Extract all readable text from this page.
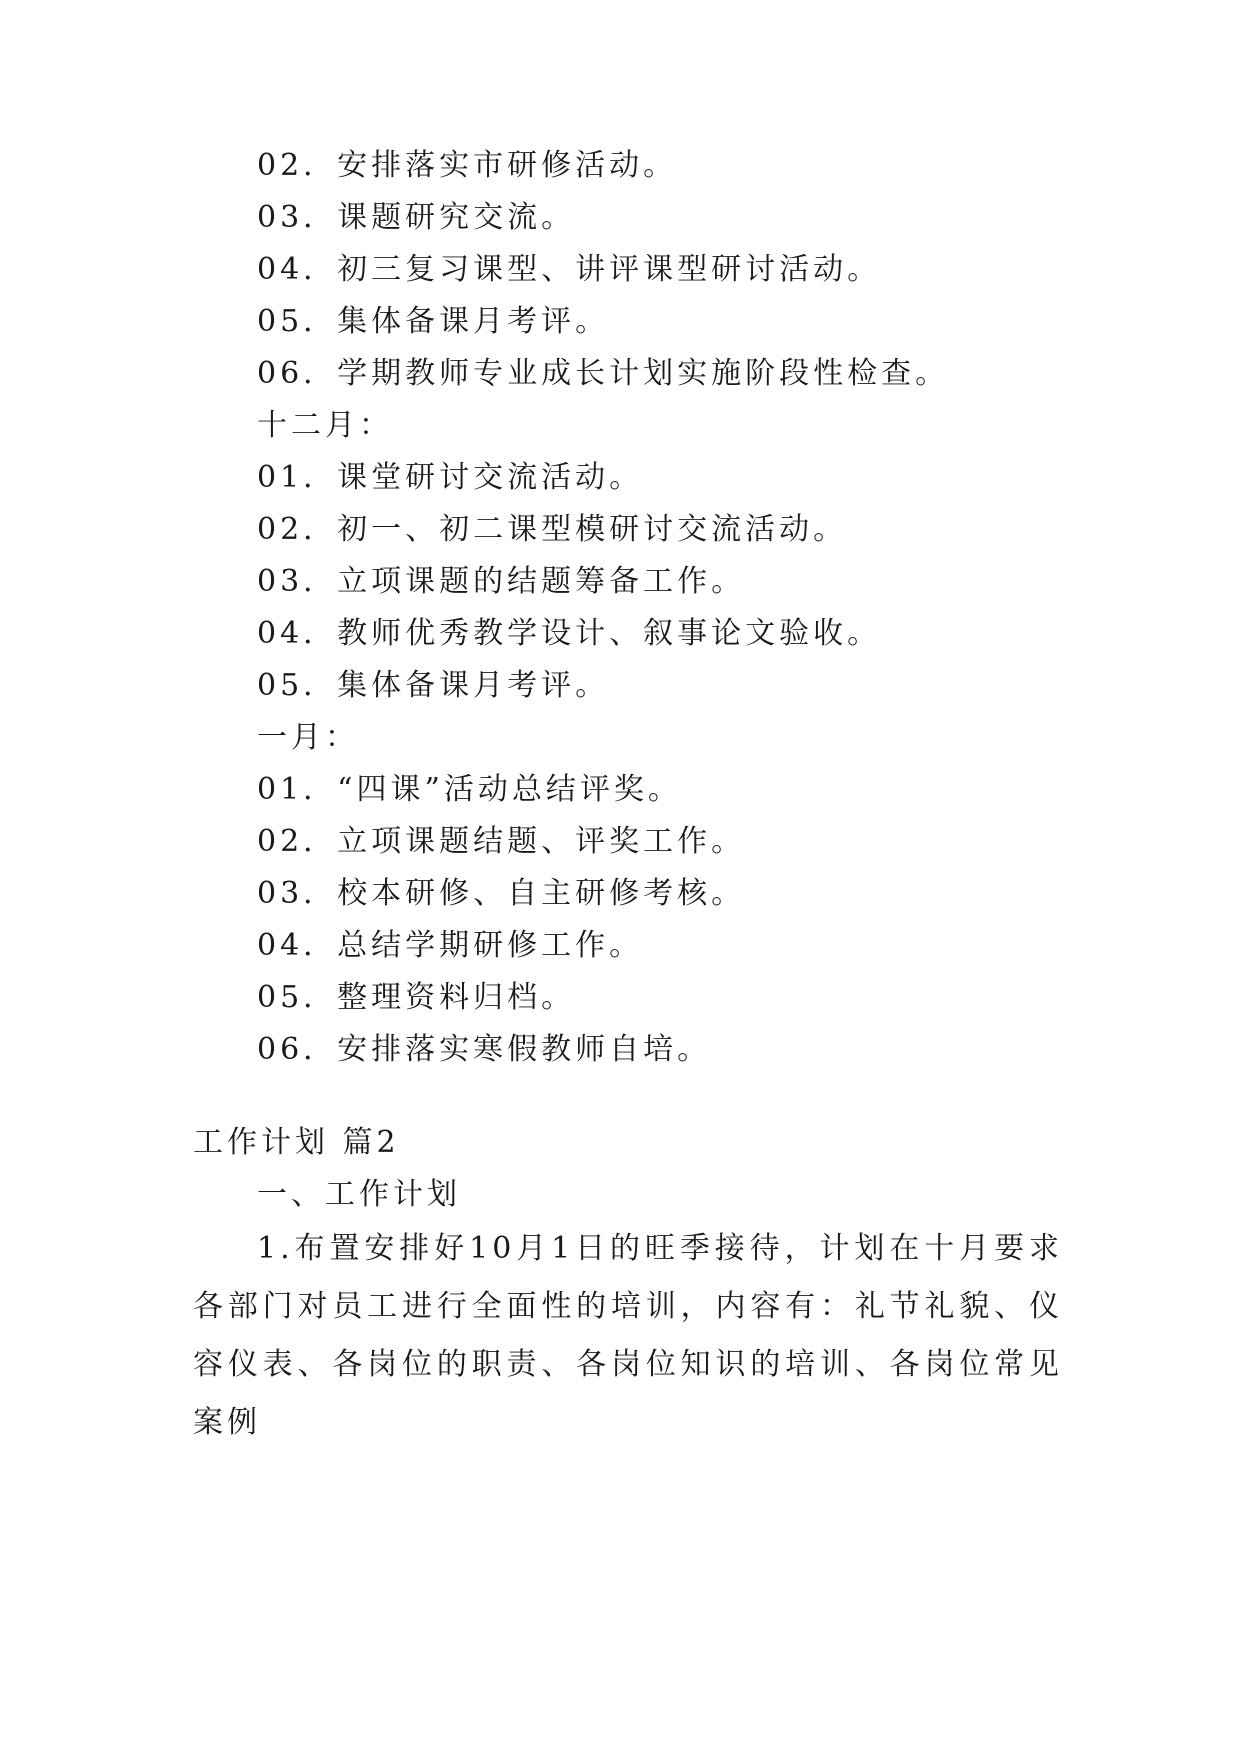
02．安排落实市研修活动。
03．课题研究交流。
04．初三复习课型、讲评课型研讨活动。
05．集体备课月考评。
06．学期教师专业成长计划实施阶段性检查。
十二月：
01．课堂研讨交流活动。
02．初一、初二课型模研讨交流活动。
03．立项课题的结题筹备工作。
04．教师优秀教学设计、叙事论文验收。
05．集体备课月考评。
一月：
01．“四课”活动总结评奖。
02．立项课题结题、评奖工作。
03．校本研修、自主研修考核。
04．总结学期研修工作。
05．整理资料归档。
06．安排落实寒假教师自培。
工作计划 篇2
一、工作计划
1.布置安排好10月1日的旺季接待，计划在十月要求各部门对员工进行全面性的培训，内容有：礼节礼貌、仪容仪表、各岗位的职责、各岗位知识的培训、各岗位常见案例
